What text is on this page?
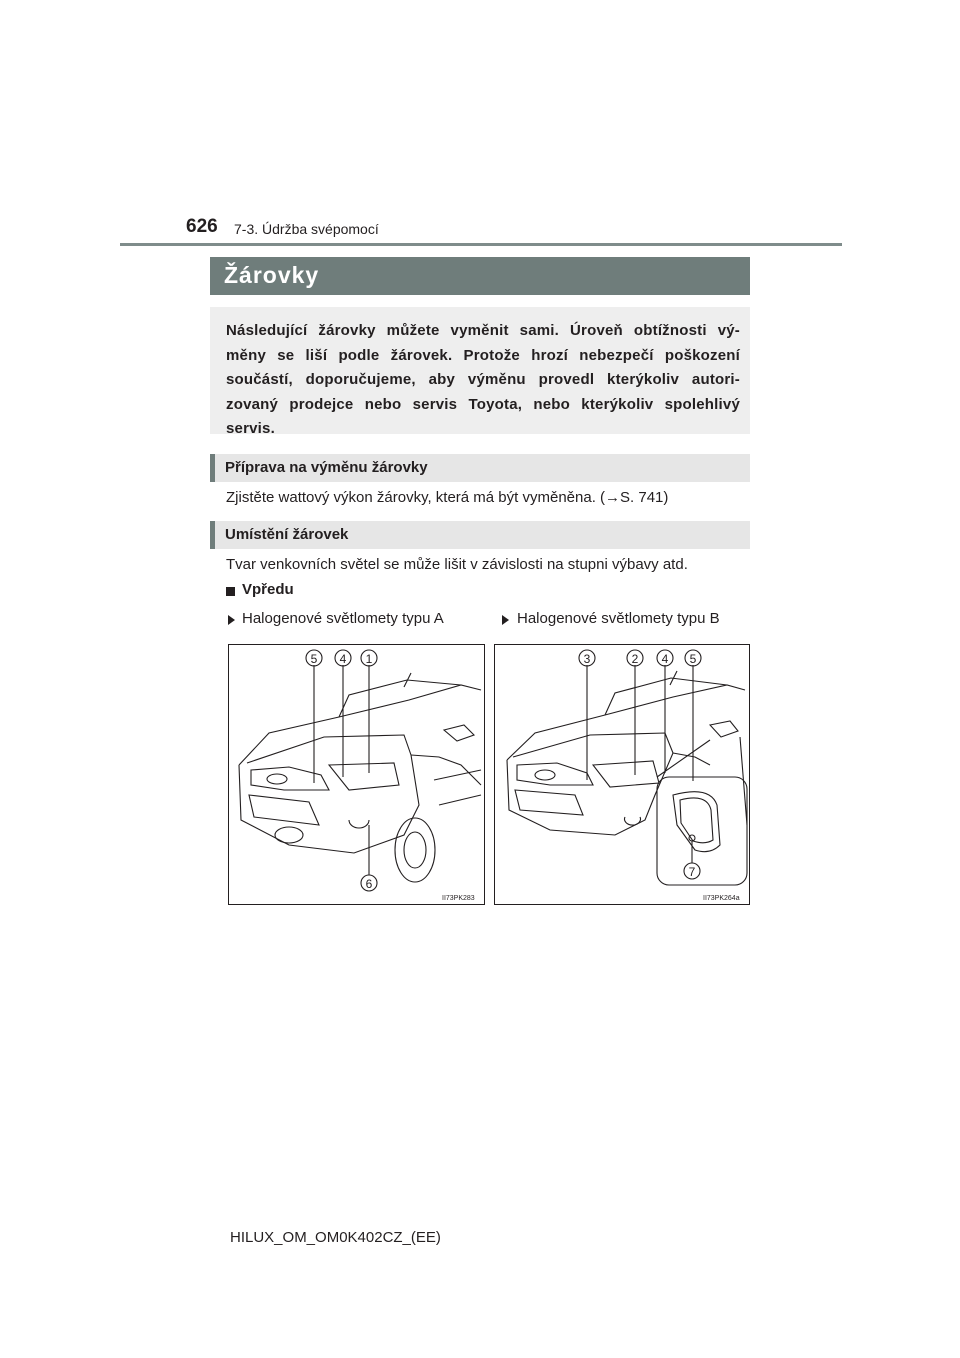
626 7-3. Údržba svépomocí
Žárovky
Následující žárovky můžete vyměnit sami. Úroveň obtížnosti vý-
měny se liší podle žárovek. Protože hrozí nebezpečí poškození
součástí, doporučujeme, aby výměnu provedl kterýkoliv autori-
zovaný prodejce nebo servis Toyota, nebo kterýkoliv spolehlivý
servis.
Příprava na výměnu žárovky
Zjistěte wattový výkon žárovky, která má být vyměněna. (→S. 741)
Umístění žárovek
Tvar venkovních světel se může lišit v závislosti na stupni výbavy atd.
Vpředu
Halogenové světlomety typu A	Halogenové světlomety typu B
5 4 1
6
II73PK283
3	2 4 5
7
II73PK264a
HILUX_OM_OM0K402CZ_(EE)
